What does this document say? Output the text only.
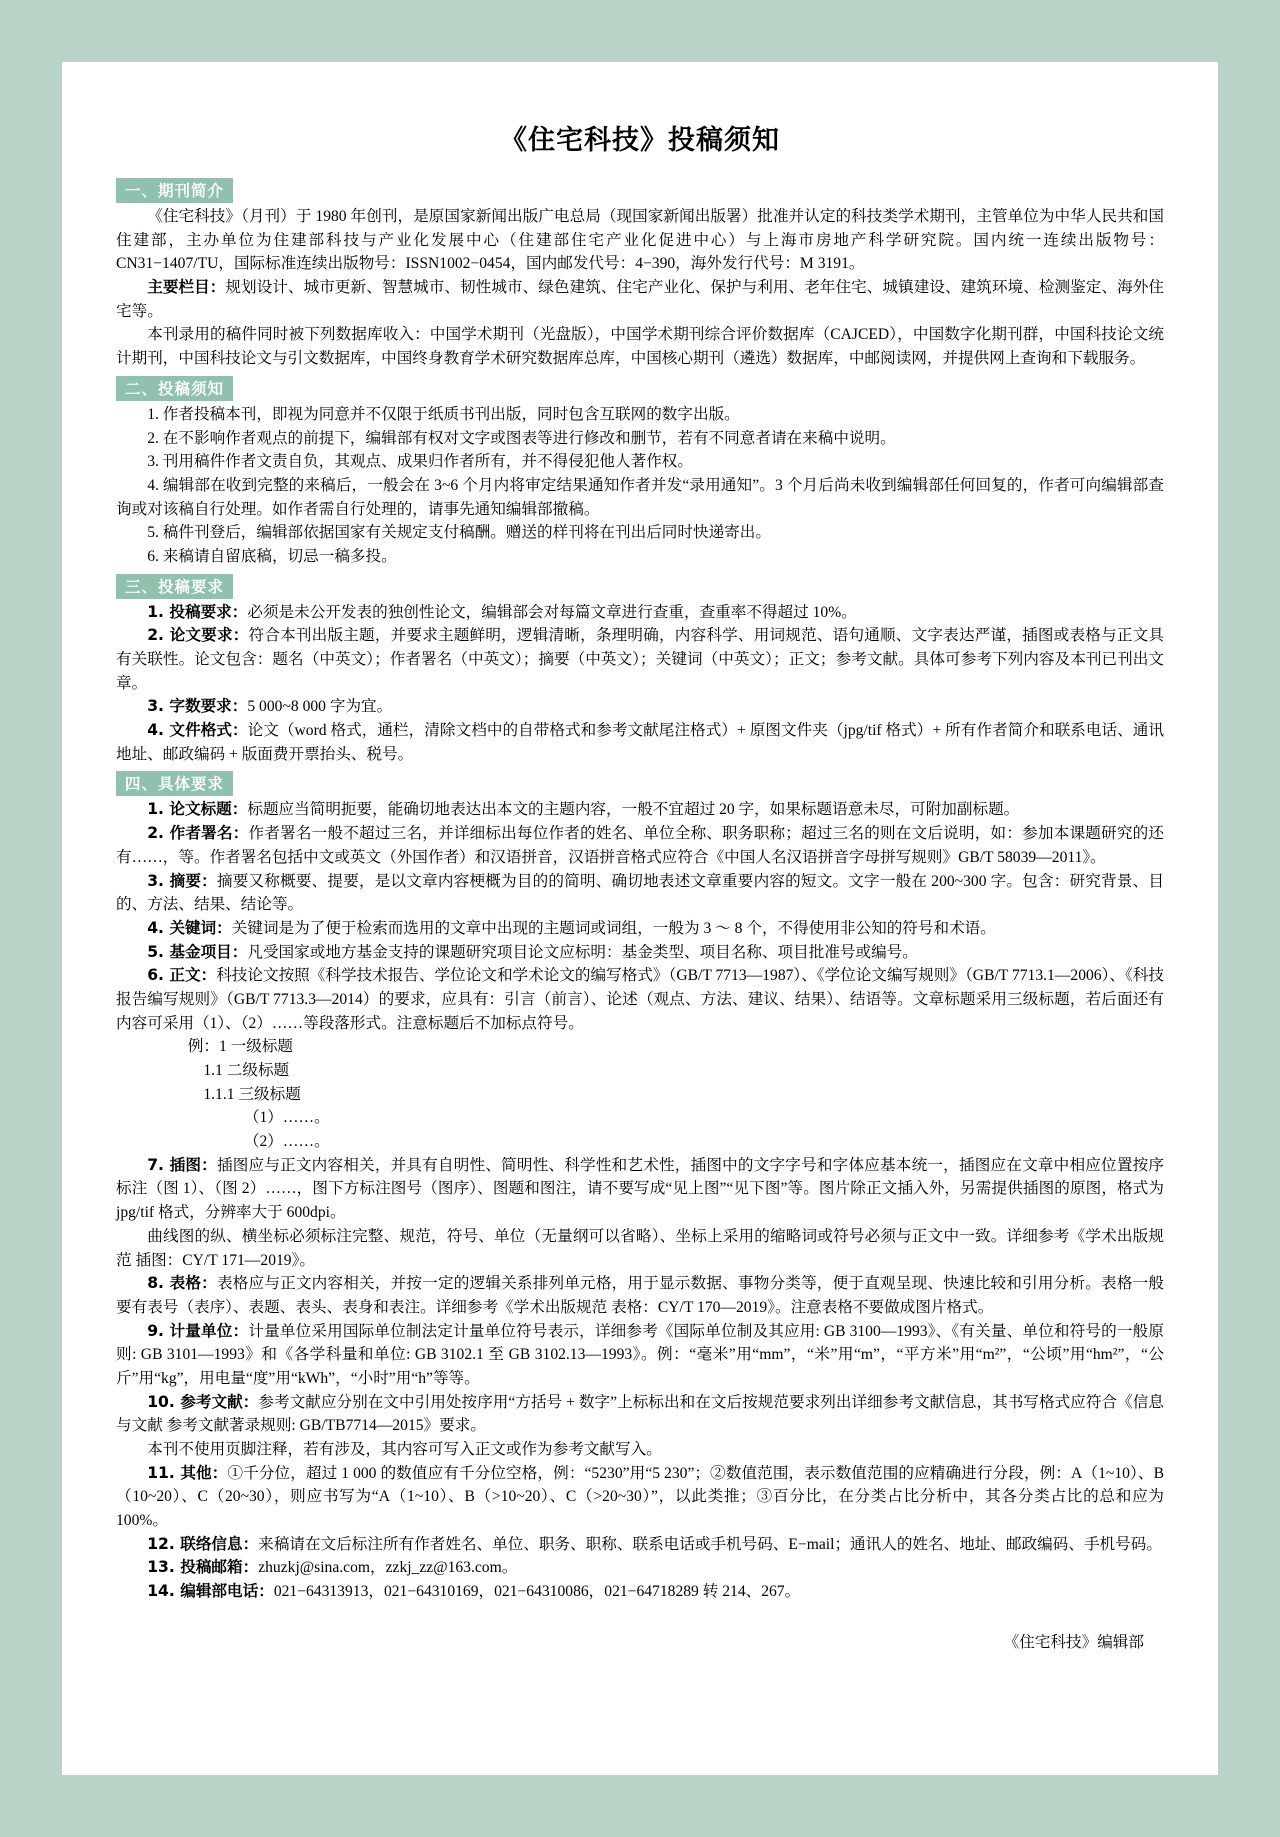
《住宅科技》投稿须知
一、期刊简介

《住宅科技》（月刊）于 1980 年创刊，是原国家新闻出版广电总局（现国家新闻出版署）批准并认定的科技类学术期刊，主管单位为中华人民共和国住建部，主办单位为住建部科技与产业化发展中心（住建部住宅产业化促进中心）与上海市房地产科学研究院。国内统一连续出版物号：CN31−1407/TU，国际标准连续出版物号：ISSN1002−0454，国内邮发代号：4−390，海外发行代号：M 3191。

主要栏目：规划设计、城市更新、智慧城市、韧性城市、绿色建筑、住宅产业化、保护与利用、老年住宅、城镇建设、建筑环境、检测鉴定、海外住宅等。

本刊录用的稿件同时被下列数据库收入：中国学术期刊（光盘版），中国学术期刊综合评价数据库（CAJCED），中国数字化期刊群，中国科技论文统计期刊，中国科技论文与引文数据库，中国终身教育学术研究数据库总库，中国核心期刊（遴选）数据库，中邮阅读网，并提供网上查询和下载服务。

二、投稿须知

1. 作者投稿本刊，即视为同意并不仅限于纸质书刊出版，同时包含互联网的数字出版。

2. 在不影响作者观点的前提下，编辑部有权对文字或图表等进行修改和删节，若有不同意者请在来稿中说明。

3. 刊用稿件作者文责自负，其观点、成果归作者所有，并不得侵犯他人著作权。

4. 编辑部在收到完整的来稿后，一般会在 3~6 个月内将审定结果通知作者并发“录用通知”。3 个月后尚未收到编辑部任何回复的，作者可向编辑部查询或对该稿自行处理。如作者需自行处理的，请事先通知编辑部撤稿。

5. 稿件刊登后，编辑部依据国家有关规定支付稿酬。赠送的样刊将在刊出后同时快递寄出。

6. 来稿请自留底稿，切忌一稿多投。

三、投稿要求

1. 投稿要求：必须是未公开发表的独创性论文，编辑部会对每篇文章进行查重，查重率不得超过 10%。

2. 论文要求：符合本刊出版主题，并要求主题鲜明，逻辑清晰，条理明确，内容科学、用词规范、语句通顺、文字表达严谨，插图或表格与正文具有关联性。论文包含：题名（中英文）；作者署名（中英文）；摘要（中英文）；关键词（中英文）；正文；参考文献。具体可参考下列内容及本刊已刊出文章。

3. 字数要求：5 000~8 000 字为宜。

4. 文件格式：论文（word 格式，通栏，清除文档中的自带格式和参考文献尾注格式）+ 原图文件夹（jpg/tif 格式）+ 所有作者简介和联系电话、通讯地址、邮政编码 + 版面费开票抬头、税号。

四、具体要求

1. 论文标题：标题应当简明扼要，能确切地表达出本文的主题内容，一般不宜超过 20 字，如果标题语意未尽，可附加副标题。

2. 作者署名：作者署名一般不超过三名，并详细标出每位作者的姓名、单位全称、职务职称；超过三名的则在文后说明，如：参加本课题研究的还有……，等。作者署名包括中文或英文（外国作者）和汉语拼音，汉语拼音格式应符合《中国人名汉语拼音字母拼写规则》GB/T 58039—2011》。

3. 摘要：摘要又称概要、提要，是以文章内容梗概为目的的简明、确切地表述文章重要内容的短文。文字一般在 200~300 字。包含：研究背景、目的、方法、结果、结论等。

4. 关键词：关键词是为了便于检索而选用的文章中出现的主题词或词组，一般为 3 ～ 8 个，不得使用非公知的符号和术语。

5. 基金项目：凡受国家或地方基金支持的课题研究项目论文应标明：基金类型、项目名称、项目批准号或编号。

6. 正文：科技论文按照《科学技术报告、学位论文和学术论文的编写格式》（GB/T 7713—1987）、《学位论文编写规则》（GB/T 7713.1—2006）、《科技报告编写规则》（GB/T 7713.3—2014）的要求，应具有：引言（前言）、论述（观点、方法、建议、结果）、结语等。文章标题采用三级标题，若后面还有内容可采用（1）、（2）……等段落形式。注意标题后不加标点符号。

例：1 一级标题

1.1 二级标题

1.1.1 三级标题

（1）……。

（2）……。

7. 插图：插图应与正文内容相关，并具有自明性、简明性、科学性和艺术性，插图中的文字字号和字体应基本统一，插图应在文章中相应位置按序标注（图 1）、（图 2）……，图下方标注图号（图序）、图题和图注，请不要写成“见上图”“见下图”等。图片除正文插入外，另需提供插图的原图，格式为 jpg/tif 格式，分辨率大于 600dpi。

曲线图的纵、横坐标必须标注完整、规范，符号、单位（无量纲可以省略）、坐标上采用的缩略词或符号必须与正文中一致。详细参考《学术出版规范 插图：CY/T 171—2019》。

8. 表格：表格应与正文内容相关，并按一定的逻辑关系排列单元格，用于显示数据、事物分类等，便于直观呈现、快速比较和引用分析。表格一般要有表号（表序）、表题、表头、表身和表注。详细参考《学术出版规范 表格：CY/T 170—2019》。注意表格不要做成图片格式。

9. 计量单位：计量单位采用国际单位制法定计量单位符号表示，详细参考《国际单位制及其应用: GB 3100—1993》、《有关量、单位和符号的一般原则: GB 3101—1993》和《各学科量和单位: GB 3102.1 至 GB 3102.13—1993》。例：“毫米”用“mm”，“米”用“m”，“平方米”用“m²”，“公顷”用“hm²”，“公斤”用“kg”，用电量“度”用“kWh”，“小时”用“h”等等。

10. 参考文献：参考文献应分别在文中引用处按序用“方括号 + 数字”上标标出和在文后按规范要求列出详细参考文献信息，其书写格式应符合《信息与文献 参考文献著录规则: GB/TB7714—2015》要求。

本刊不使用页脚注释，若有涉及，其内容可写入正文或作为参考文献写入。

11. 其他：①千分位，超过 1 000 的数值应有千分位空格，例：“5230”用“5 230”；②数值范围，表示数值范围的应精确进行分段，例：A（1~10）、B（10~20）、C（20~30），则应书写为“A（1~10）、B（>10~20）、C（>20~30）”，以此类推；③百分比，在分类占比分析中，其各分类占比的总和应为 100%。

12. 联络信息：来稿请在文后标注所有作者姓名、单位、职务、职称、联系电话或手机号码、E−mail；通讯人的姓名、地址、邮政编码、手机号码。

13. 投稿邮箱：zhuzkj@sina.com，zzkj_zz@163.com。

14. 编辑部电话：021−64313913，021−64310169，021−64310086，021−64718289 转 214、267。

《住宅科技》编辑部
